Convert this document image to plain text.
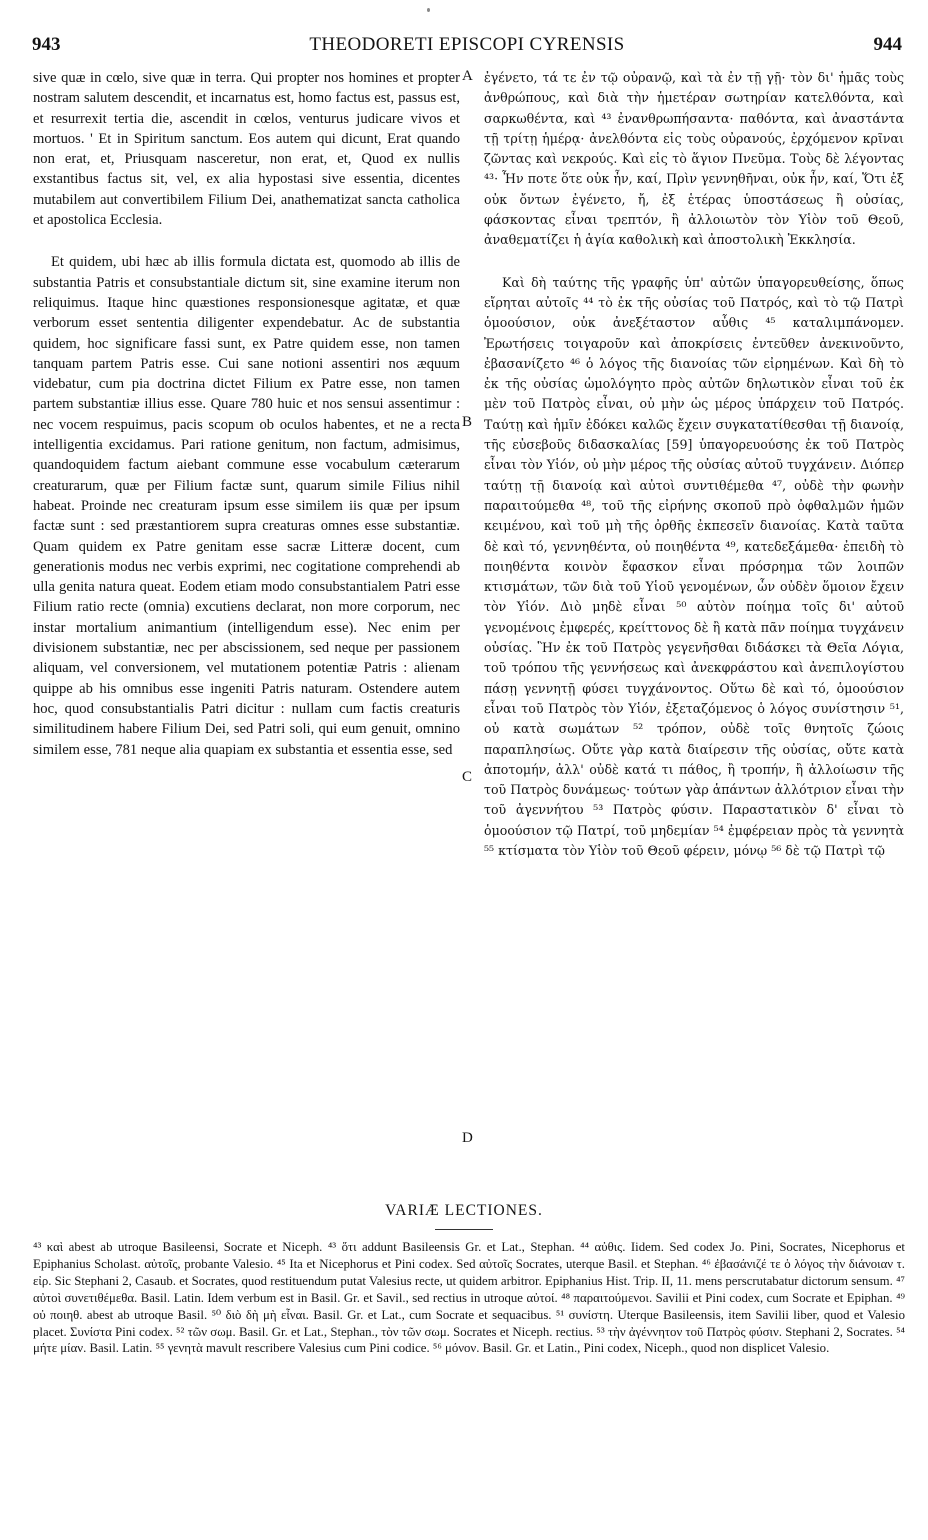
943	THEODORETI EPISCOPI CYRENSIS	944

sive quæ in cœlo, sive quæ in terra. Qui propter nos homines et propter nostram salutem descendit, et incarnatus est, homo factus est, passus est, et resurrexit tertia die, ascendit in cœlos, venturus judicare vivos et mortuos. ' Et in Spiritum sanctum. Eos autem qui dicunt, Erat quando non erat, et, Priusquam nasceretur, non erat, et, Quod ex nullis exstantibus factus sit, vel, ex alia hypostasi sive essentia, dicentes mutabilem aut convertibilem Filium Dei, anathematizat sancta catholica et apostolica Ecclesia.

Et quidem, ubi hæc ab illis formula dictata est, quomodo ab illis de substantia Patris et consubstantiale dictum sit, sine examine iterum non reliquimus. Itaque hinc quæstiones responsionesque agitatæ, et quæ verborum esset sententia diligenter expendebatur. Ac de substantia quidem, hoc significare fassi sunt, ex Patre quidem esse, non tamen tanquam partem Patris esse. Cui sane notioni assentiri nos æquum videbatur, cum pia doctrina dictet Filium ex Patre esse, non tamen partem substantiæ illius esse. Quare 780 huic et nos sensui assentimur : nec vocem respuimus, pacis scopum ob oculos habentes, et ne a recta intelligentia excidamus. Pari ratione genitum, non factum, admisimus, quandoquidem factum aiebant commune esse vocabulum cæterarum creaturarum, quæ per Filium factæ sunt, quarum simile Filius nihil habeat. Proinde nec creaturam ipsum esse similem iis quæ per ipsum factæ sunt : sed præstantiorem supra creaturas omnes esse substantiæ. Quam quidem ex Patre genitam esse sacræ Litteræ docent, cum generationis modus nec verbis exprimi, nec cogitatione comprehendi ab ulla genita natura queat. Eodem etiam modo consubstantialem Patri esse Filium ratio recte (omnia) excutiens declarat, non more corporum, nec instar mortalium animantium (intelligendum esse). Nec enim per divisionem substantiæ, nec per abscissionem, sed neque per passionem aliquam, vel conversionem, vel mutationem potentiæ Patris : alienam quippe ab his omnibus esse ingeniti Patris naturam. Ostendere autem hoc, quod consubstantialis Patri dicitur : nullam cum factis creaturis similitudinem habere Filium Dei, sed Patri soli, qui eum genuit, omnino similem esse, 781 neque alia quapiam ex substantia et essentia esse, sed

A
B
C
D

ἐγένετο, τά τε ἐν τῷ οὐρανῷ, καὶ τὰ ἐν τῇ γῇ· τὸν δι' ἡμᾶς τοὺς ἀνθρώπους, καὶ διὰ τὴν ἡμετέραν σωτηρίαν κατελθόντα, καὶ σαρκωθέντα, καὶ ⁴³ ἐνανθρωπήσαντα· παθόντα, καὶ ἀναστάντα τῇ τρίτῃ ἡμέρᾳ· ἀνελθόντα εἰς τοὺς οὐρανούς, ἐρχόμενον κρῖναι ζῶντας καὶ νεκρούς. Καὶ εἰς τὸ ἅγιον Πνεῦμα. Τοὺς δὲ λέγοντας ⁴³· Ἦν ποτε ὅτε οὐκ ἦν, καί, Πρὶν γεννηθῆναι, οὐκ ἦν, καί, Ὅτι ἐξ οὐκ ὄντων ἐγένετο, ἤ, ἐξ ἑτέρας ὑποστάσεως ἢ οὐσίας, φάσκοντας εἶναι τρεπτόν, ἢ ἀλλοιωτὸν τὸν Υἱὸν τοῦ Θεοῦ, ἀναθεματίζει ἡ ἁγία καθολικὴ καὶ ἀποστολικὴ Ἐκκλησία.

Καὶ δὴ ταύτης τῆς γραφῆς ὑπ' αὐτῶν ὑπαγορευθείσης, ὅπως εἴρηται αὐτοῖς ⁴⁴ τὸ ἐκ τῆς οὐσίας τοῦ Πατρός, καὶ τὸ τῷ Πατρὶ ὁμοούσιον, οὐκ ἀνεξέταστον αὖθις ⁴⁵ καταλιμπάνομεν. Ἐρωτήσεις τοιγαροῦν καὶ ἀποκρίσεις ἐντεῦθεν ἀνεκινοῦντο, ἐβασανίζετο ⁴⁶ ὁ λόγος τῆς διανοίας τῶν εἰρημένων. Καὶ δὴ τὸ ἐκ τῆς οὐσίας ὡμολόγητο πρὸς αὐτῶν δηλωτικὸν εἶναι τοῦ ἐκ μὲν τοῦ Πατρὸς εἶναι, οὐ μὴν ὡς μέρος ὑπάρχειν τοῦ Πατρός. Ταύτῃ καὶ ἡμῖν ἐδόκει καλῶς ἔχειν συγκατατίθεσθαι τῇ διανοίᾳ, τῆς εὐσεβοῦς διδασκαλίας [59] ὑπαγορευούσης ἐκ τοῦ Πατρὸς εἶναι τὸν Υἱόν, οὐ μὴν μέρος τῆς οὐσίας αὐτοῦ τυγχάνειν. Διόπερ ταύτῃ τῇ διανοίᾳ καὶ αὐτοὶ συντιθέμεθα ⁴⁷, οὐδὲ τὴν φωνὴν παραιτούμεθα ⁴⁸, τοῦ τῆς εἰρήνης σκοποῦ πρὸ ὀφθαλμῶν ἡμῶν κειμένου, καὶ τοῦ μὴ τῆς ὀρθῆς ἐκπεσεῖν διανοίας. Κατὰ ταῦτα δὲ καὶ τό, γεννηθέντα, οὐ ποιηθέντα ⁴⁹, κατεδεξάμεθα· ἐπειδὴ τὸ ποιηθέντα κοινὸν ἔφασκον εἶναι πρόσρημα τῶν λοιπῶν κτισμάτων, τῶν διὰ τοῦ Υἱοῦ γενομένων, ὧν οὐδὲν ὅμοιον ἔχειν τὸν Υἱόν. Διὸ μηδὲ εἶναι ⁵⁰ αὐτὸν ποίημα τοῖς δι' αὐτοῦ γενομένοις ἐμφερές, κρείττονος δὲ ἢ κατὰ πᾶν ποίημα τυγχάνειν οὐσίας. Ἣν ἐκ τοῦ Πατρὸς γεγενῆσθαι διδάσκει τὰ Θεῖα Λόγια, τοῦ τρόπου τῆς γεννήσεως καὶ ἀνεκφράστου καὶ ἀνεπιλογίστου πάσῃ γεννητῇ φύσει τυγχάνοντος. Οὕτω δὲ καὶ τό, ὁμοούσιον εἶναι τοῦ Πατρὸς τὸν Υἱόν, ἐξεταζόμενος ὁ λόγος συνίστησιν ⁵¹, οὐ κατὰ σωμάτων ⁵² τρόπον, οὐδὲ τοῖς θνητοῖς ζώοις παραπλησίως. Οὔτε γὰρ κατὰ διαίρεσιν τῆς οὐσίας, οὔτε κατὰ ἀποτομήν, ἀλλ' οὐδὲ κατά τι πάθος, ἢ τροπήν, ἢ ἀλλοίωσιν τῆς τοῦ Πατρὸς δυνάμεως· τούτων γὰρ ἁπάντων ἀλλότριον εἶναι τὴν τοῦ ἀγεννήτου ⁵³ Πατρὸς φύσιν. Παραστατικὸν δ' εἶναι τὸ ὁμοούσιον τῷ Πατρί, τοῦ μηδεμίαν ⁵⁴ ἐμφέρειαν πρὸς τὰ γεννητὰ ⁵⁵ κτίσματα τὸν Υἱὸν τοῦ Θεοῦ φέρειν, μόνῳ ⁵⁶ δὲ τῷ Πατρὶ τῷ

VARIÆ LECTIONES.
⁴³ καὶ abest ab utroque Basileensi, Socrate et Niceph. ⁴³ ὅτι addunt Basileensis Gr. et Lat., Stephan. ⁴⁴ αὐθις. Iidem. Sed codex Jo. Pini, Socrates, Nicephorus et Epiphanius Scholast. αὐτοῖς, probante Valesio. ⁴⁵ Ita et Nicephorus et Pini codex. Sed αὐτοῖς Socrates, uterque Basil. et Stephan. ⁴⁶ ἐβασάνιζέ τε ὁ λόγος τὴν διάνοιαν τ. εἰρ. Sic Stephani 2, Casaub. et Socrates, quod restituendum putat Valesius recte, ut quidem arbitror. Epiphanius Hist. Trip. II, 11. mens perscrutabatur dictorum sensum. ⁴⁷ αὐτοὶ συνετιθέμεθα. Basil. Latin. Idem verbum est in Basil. Gr. et Savil., sed rectius in utroque αὐτοί. ⁴⁸ παραιτούμενοι. Savilii et Pini codex, cum Socrate et Epiphan. ⁴⁹ οὐ ποιηθ. abest ab utroque Basil. ⁵⁰ διὸ δὴ μὴ εἶναι. Basil. Gr. et Lat., cum Socrate et sequacibus. ⁵¹ συνίστη. Uterque Basileensis, item Savilii liber, quod et Valesio placet. Συνίστα Pini codex. ⁵² τῶν σωμ. Basil. Gr. et Lat., Stephan., τὸν τῶν σωμ. Socrates et Niceph. rectius. ⁵³ τὴν ἀγέννητον τοῦ Πατρὸς φύσιν. Stephani 2, Socrates. ⁵⁴ μήτε μίαν. Basil. Latin. ⁵⁵ γενητὰ mavult rescribere Valesius cum Pini codice. ⁵⁶ μόνον. Basil. Gr. et Latin., Pini codex, Niceph., quod non displicet Valesio.
